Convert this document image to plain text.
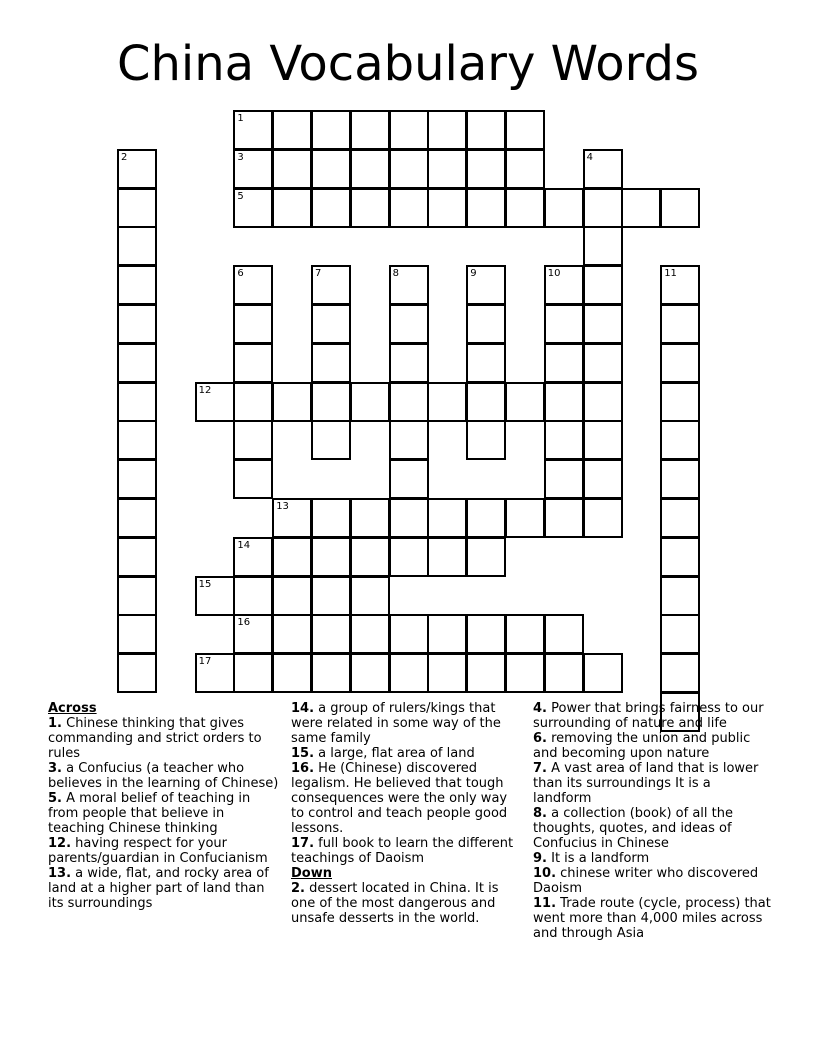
China Vocabulary Words
1
2	3	4
5
6	7	8	9	10	11
12
13
14
15
16
17
Across
1. Chinese thinking that gives commanding and strict orders to rules
3. a Confucius (a teacher who believes in the learning of Chinese)
5. A moral belief of teaching in from people that believe in teaching Chinese thinking
12. having respect for your parents/guardian in Confucianism
13. a wide, flat, and rocky area of land at a higher part of land than its surroundings
14. a group of rulers/kings that were related in some way of the same family
15. a large, flat area of land
16. He (Chinese) discovered legalism. He believed that tough consequences were the only way to control and teach people good lessons.
17. full book to learn the different teachings of Daoism
Down
2. dessert located in China. It is one of the most dangerous and unsafe desserts in the world.
4. Power that brings fairness to our surrounding of nature and life
6. removing the union and public and becoming upon nature
7. A vast area of land that is lower than its surroundings It is a landform
8. a collection (book) of all the thoughts, quotes, and ideas of Confucius in Chinese
9. It is a landform
10. chinese writer who discovered Daoism
11. Trade route (cycle, process) that went more than 4,000 miles across and through Asia
